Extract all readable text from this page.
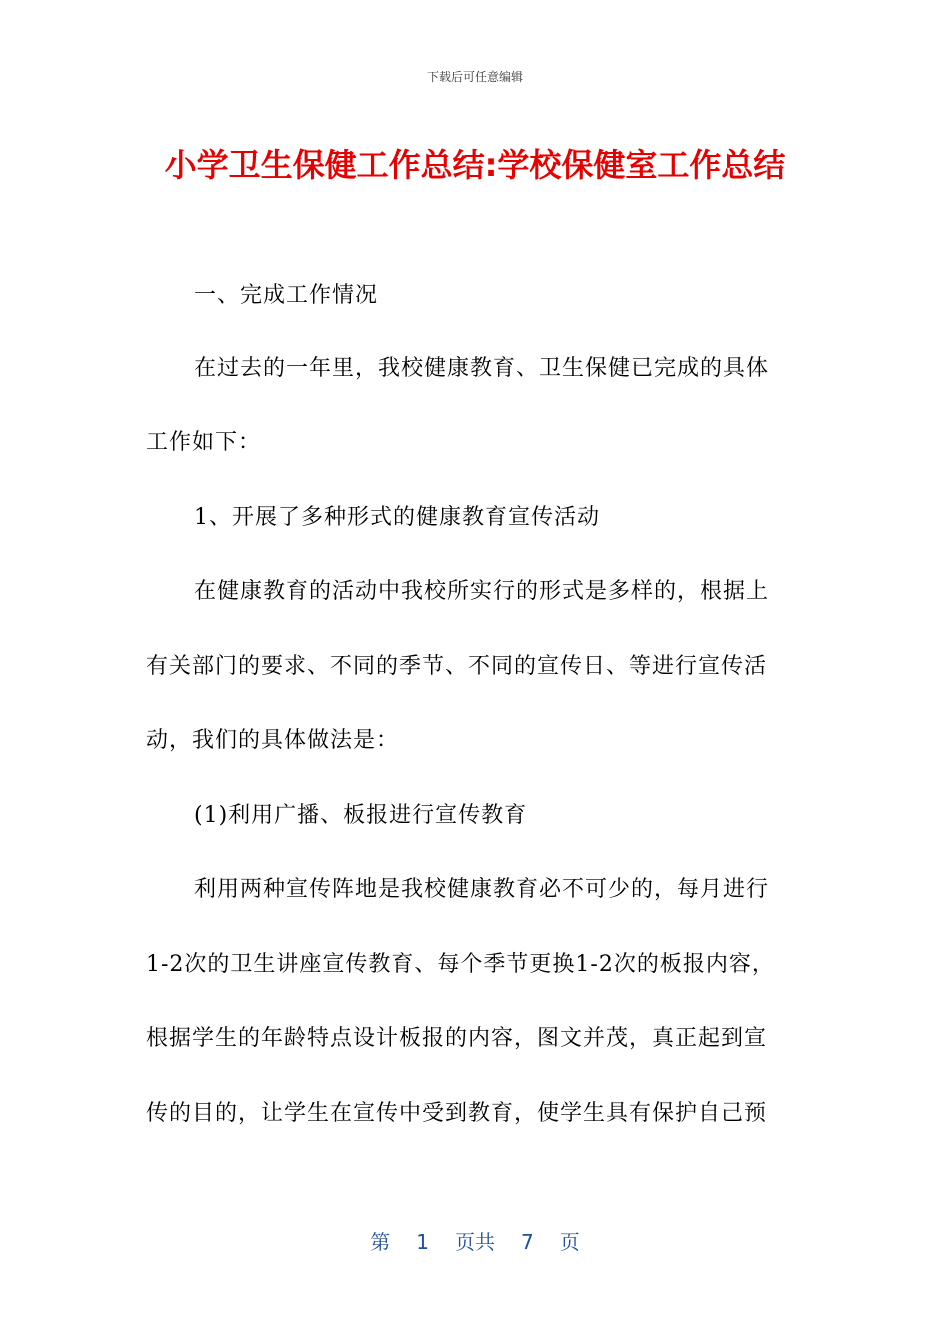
下载后可任意编辑
小学卫生保健工作总结:学校保健室工作总结
一、完成工作情况
在过去的一年里，我校健康教育、卫生保健已完成的具体
工作如下：
1、开展了多种形式的健康教育宣传活动
在健康教育的活动中我校所实行的形式是多样的，根据上
有关部门的要求、不同的季节、不同的宣传日、等进行宣传活
动，我们的具体做法是：
(1)利用广播、板报进行宣传教育
利用两种宣传阵地是我校健康教育必不可少的，每月进行
1-2次的卫生讲座宣传教育、每个季节更换1-2次的板报内容，
根据学生的年龄特点设计板报的内容，图文并茂，真正起到宣
传的目的，让学生在宣传中受到教育，使学生具有保护自己预
第 1 页共 7 页
